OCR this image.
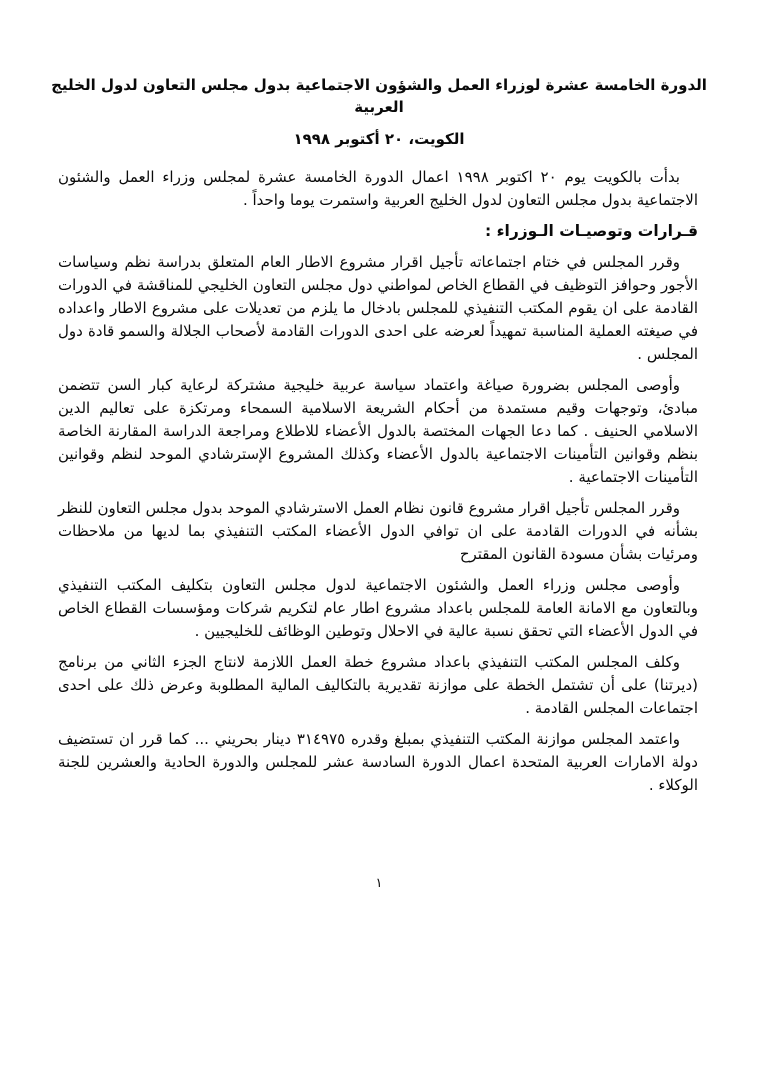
الدورة الخامسة عشرة لوزراء العمل والشؤون الاجتماعية بدول مجلس التعاون لدول الخليج العربية
الكويت، ٢٠ أكتوبر ١٩٩٨

بدأت بالكويت يوم ٢٠ اكتوبر ١٩٩٨ اعمال الدورة الخامسة عشرة لمجلس وزراء العمل والشئون الاجتماعية بدول مجلس التعاون لدول الخليج العربية واستمرت يوما واحداً .

قـرارات وتوصيـات الـوزراء :

وقرر المجلس في ختام اجتماعاته تأجيل اقرار مشروع الاطار العام المتعلق بدراسة نظم وسياسات الأجور وحوافز التوظيف في القطاع الخاص لمواطني دول مجلس التعاون الخليجي للمناقشة في الدورات القادمة على ان يقوم المكتب التنفيذي للمجلس بادخال ما يلزم من تعديلات على مشروع الاطار واعداده في صيغته العملية المناسبة تمهيداً لعرضه على احدى الدورات القادمة لأصحاب الجلالة والسمو قادة دول المجلس .

وأوصى المجلس بضرورة صياغة واعتماد سياسة عربية خليجية مشتركة لرعاية كبار السن تتضمن مبادئ، وتوجهات وقيم مستمدة من أحكام الشريعة الاسلامية السمحاء ومرتكزة على تعاليم الدين الاسلامي الحنيف . كما دعا الجهات المختصة بالدول الأعضاء للاطلاع ومراجعة الدراسة المقارنة الخاصة بنظم وقوانين التأمينات الاجتماعية بالدول الأعضاء وكذلك المشروع الإسترشادي الموحد لنظم وقوانين التأمينات الاجتماعية .

وقرر المجلس تأجيل اقرار مشروع قانون نظام العمل الاسترشادي الموحد بدول مجلس التعاون للنظر بشأنه في الدورات القادمة على ان توافي الدول الأعضاء المكتب التنفيذي بما لديها من ملاحظات ومرئيات بشأن مسودة القانون المقترح

وأوصى مجلس وزراء العمل والشئون الاجتماعية لدول مجلس التعاون بتكليف المكتب التنفيذي وبالتعاون مع الامانة العامة للمجلس باعداد مشروع اطار عام لتكريم شركات ومؤسسات القطاع الخاص في الدول الأعضاء التي تحقق نسبة عالية في الاحلال وتوطين الوظائف للخليجيين .

وكلف المجلس المكتب التنفيذي باعداد مشروع خطة العمل اللازمة لانتاج الجزء الثاني من برنامج (ديرتنا) على أن تشتمل الخطة على موازنة تقديرية بالتكاليف المالية المطلوبة وعرض ذلك على احدى اجتماعات المجلس القادمة .

واعتمد المجلس موازنة المكتب التنفيذي بمبلغ وقدره ٣١٤٩٧٥ دينار بحريني ... كما قرر ان تستضيف دولة الامارات العربية المتحدة اعمال الدورة السادسة عشر للمجلس والدورة الحادية والعشرين للجنة الوكلاء .

١
